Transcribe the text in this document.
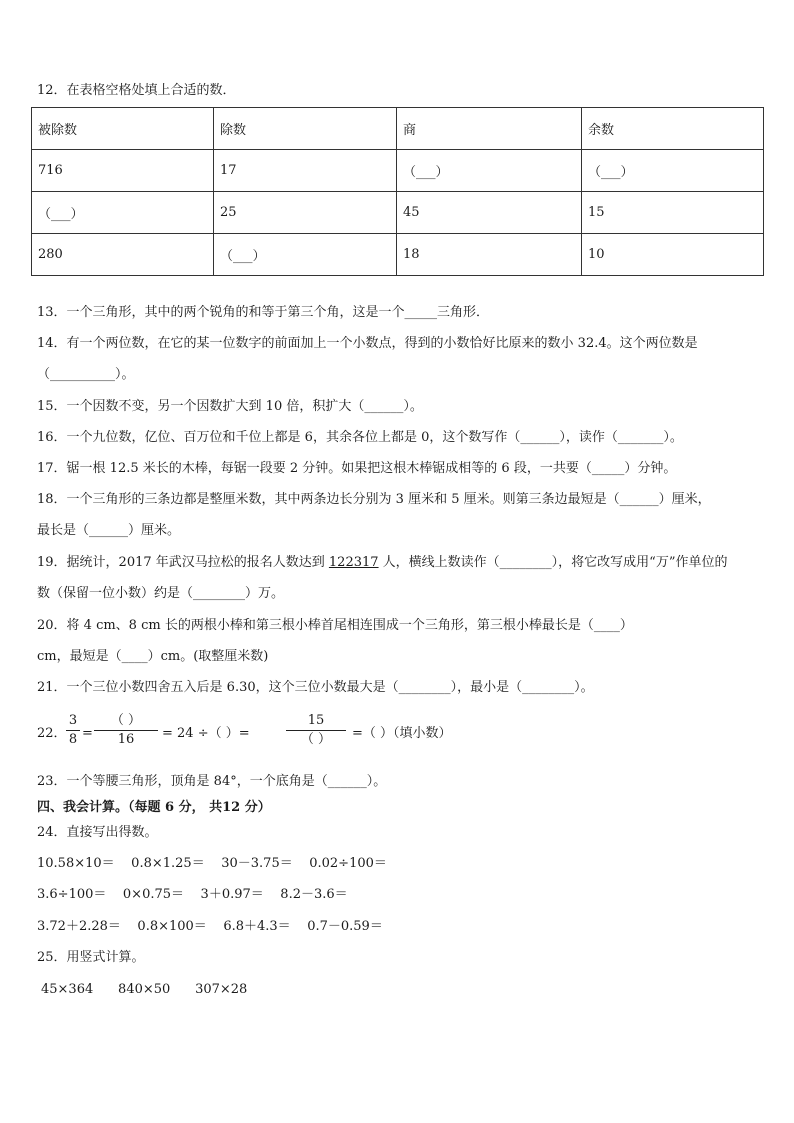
12．在表格空格处填上合适的数．
被除数	除数	商	余数
716	17	（___）	（___）
（___）	25	45	15
280	（___）	18	10
13．一个三角形，其中的两个锐角的和等于第三个角，这是一个_____三角形．
14．有一个两位数，在它的某一位数字的前面加上一个小数点，得到的小数恰好比原来的数小 32.4。这个两位数是
（__________）。
15．一个因数不变，另一个因数扩大到 10 倍，积扩大（______）。
16．一个九位数，亿位、百万位和千位上都是 6，其余各位上都是 0，这个数写作（______），读作（_______）。
17．锯一根 12.5 米长的木棒，每锯一段要 2 分钟。如果把这根木棒锯成相等的 6 段，一共要（_____）分钟。
18．一个三角形的三条边都是整厘米数，其中两条边长分别为 3 厘米和 5 厘米。则第三条边最短是（______）厘米，
最长是（______）厘米。
19．据统计，2017 年武汉马拉松的报名人数达到 122317 人，横线上数读作（________），将它改写成用“万”作单位的
数（保留一位小数）约是（________）万。
20．将 4 cm、8 cm 长的两根小棒和第三根小棒首尾相连围成一个三角形，第三根小棒最长是（____）
cm，最短是（____）cm。(取整厘米数)
21．一个三位小数四舍五入后是 6.30，这个三位小数最大是（________），最小是（________）。
22． $\frac{3}{8}$ =
（ ）
16	= 24 ÷（ ）=
15
（ ）	=（ ）（填小数）
23．一个等腰三角形，顶角是 84°，一个底角是（______）。
四、我会计算。（每题 6 分， 共12 分）
24．直接写出得数。
10.58×10＝    0.8×1.25＝    30－3.75＝    0.02÷100＝
3.6÷100＝    0×0.75＝    3＋0.97＝    8.2－3.6＝
3.72＋2.28＝    0.8×100＝    6.8＋4.3＝    0.7－0.59＝
25．用竖式计算。
45×364      840×50      307×28
